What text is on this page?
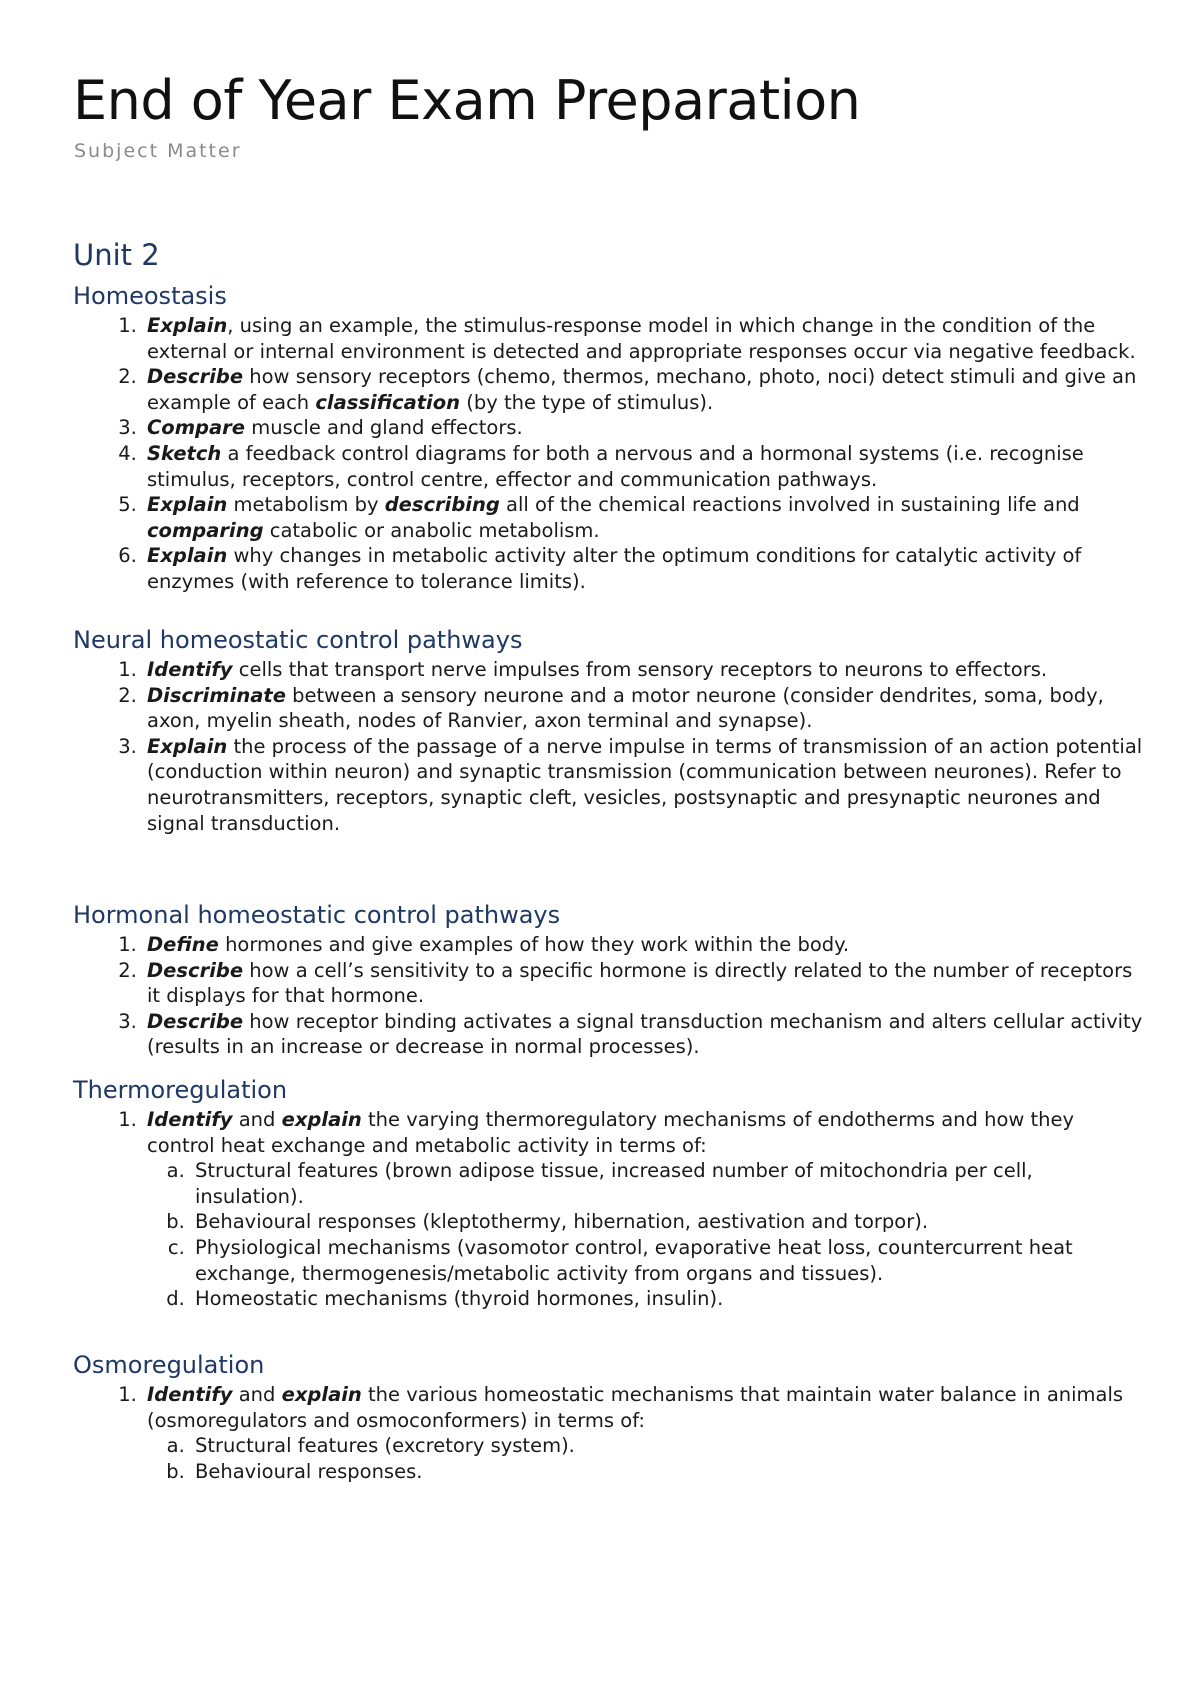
End of Year Exam Preparation
Subject Matter
Unit 2
Homeostasis
1. Explain, using an example, the stimulus-response model in which change in the condition of the external or internal environment is detected and appropriate responses occur via negative feedback.
2. Describe how sensory receptors (chemo, thermos, mechano, photo, noci) detect stimuli and give an example of each classification (by the type of stimulus).
3. Compare muscle and gland effectors.
4. Sketch a feedback control diagrams for both a nervous and a hormonal systems (i.e. recognise stimulus, receptors, control centre, effector and communication pathways.
5. Explain metabolism by describing all of the chemical reactions involved in sustaining life and comparing catabolic or anabolic metabolism.
6. Explain why changes in metabolic activity alter the optimum conditions for catalytic activity of enzymes (with reference to tolerance limits).
Neural homeostatic control pathways
1. Identify cells that transport nerve impulses from sensory receptors to neurons to effectors.
2. Discriminate between a sensory neurone and a motor neurone (consider dendrites, soma, body, axon, myelin sheath, nodes of Ranvier, axon terminal and synapse).
3. Explain the process of the passage of a nerve impulse in terms of transmission of an action potential (conduction within neuron) and synaptic transmission (communication between neurones). Refer to neurotransmitters, receptors, synaptic cleft, vesicles, postsynaptic and presynaptic neurones and signal transduction.
Hormonal homeostatic control pathways
1. Define hormones and give examples of how they work within the body.
2. Describe how a cell’s sensitivity to a specific hormone is directly related to the number of receptors it displays for that hormone.
3. Describe how receptor binding activates a signal transduction mechanism and alters cellular activity (results in an increase or decrease in normal processes).
Thermoregulation
1. Identify and explain the varying thermoregulatory mechanisms of endotherms and how they control heat exchange and metabolic activity in terms of:
a. Structural features (brown adipose tissue, increased number of mitochondria per cell, insulation).
b. Behavioural responses (kleptothermy, hibernation, aestivation and torpor).
c. Physiological mechanisms (vasomotor control, evaporative heat loss, countercurrent heat exchange, thermogenesis/metabolic activity from organs and tissues).
d. Homeostatic mechanisms (thyroid hormones, insulin).
Osmoregulation
1. Identify and explain the various homeostatic mechanisms that maintain water balance in animals (osmoregulators and osmoconformers) in terms of:
a. Structural features (excretory system).
b. Behavioural responses.
